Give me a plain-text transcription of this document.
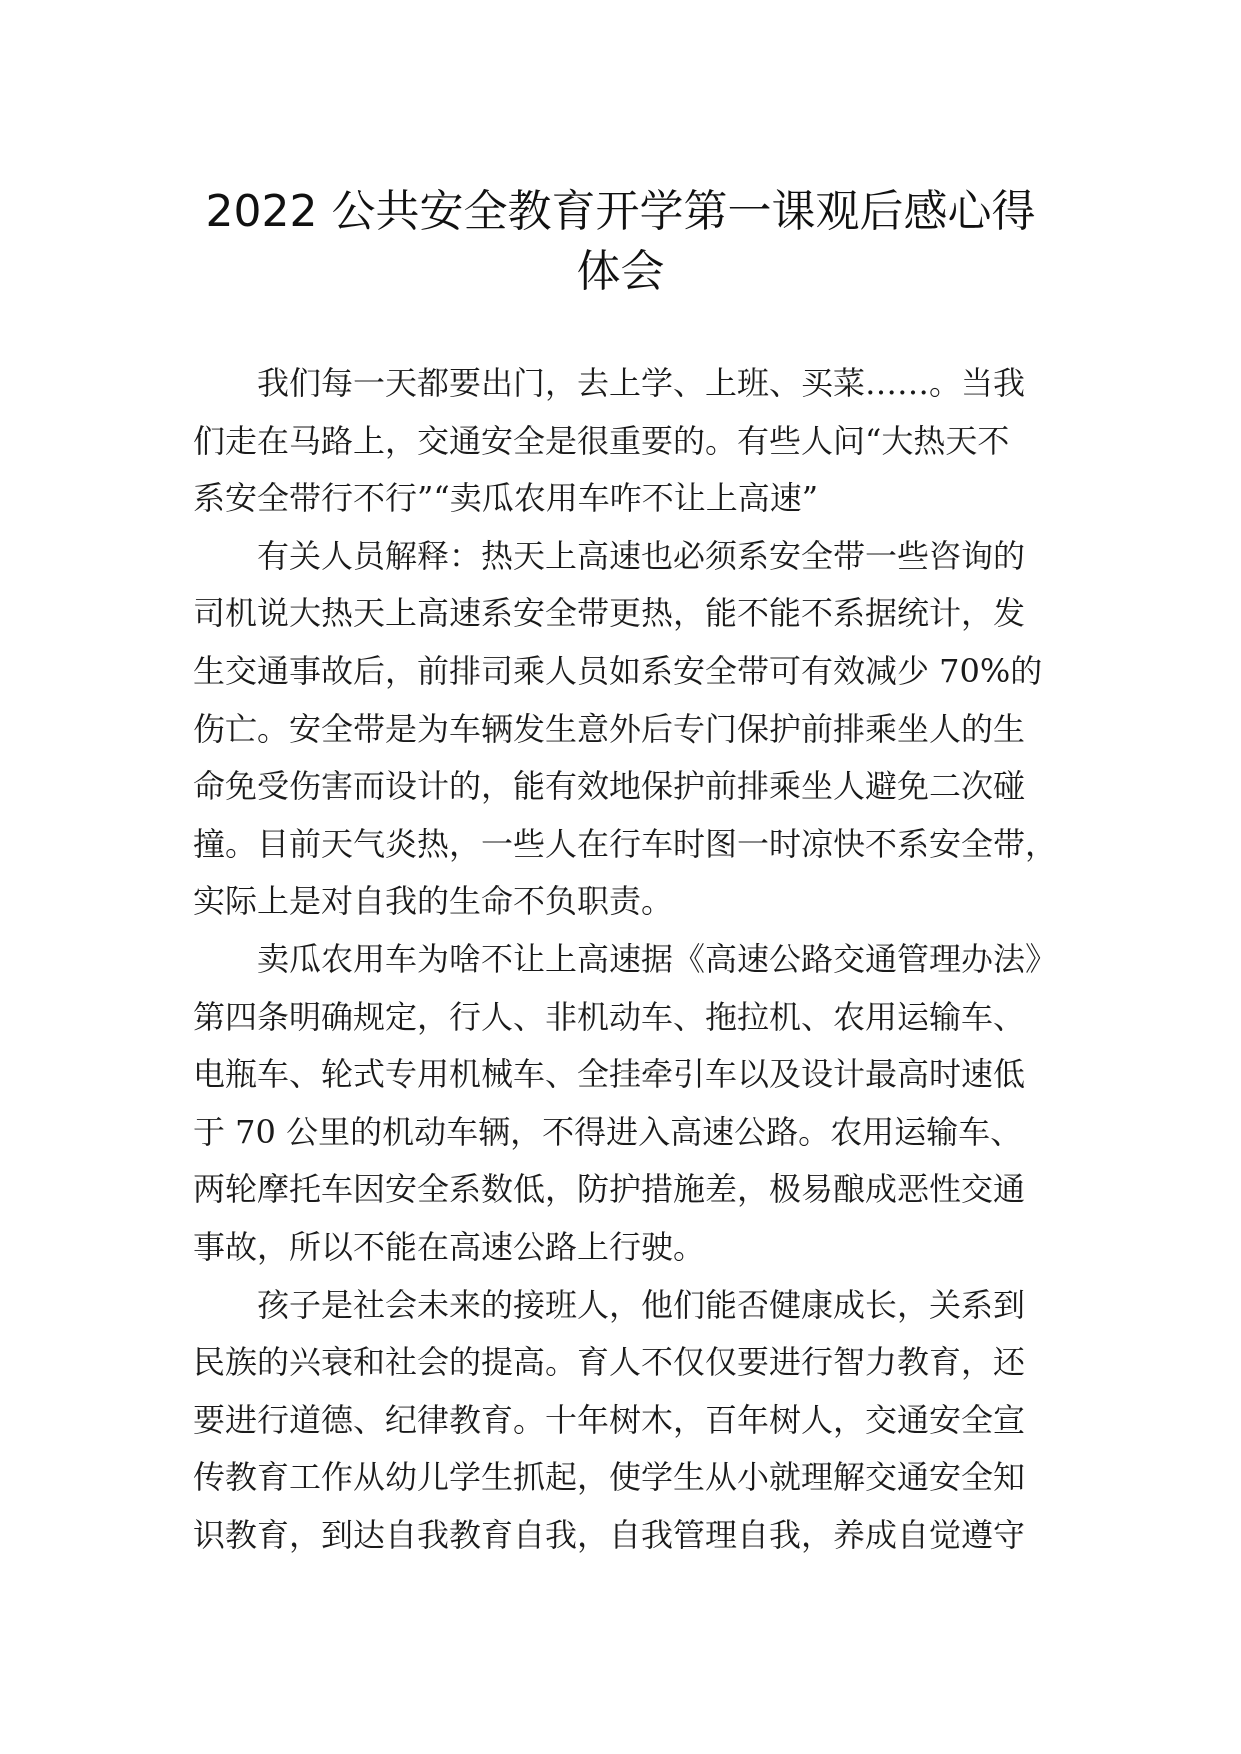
2022 公共安全教育开学第一课观后感心得
体会
我们每一天都要出门，去上学、上班、买菜……。当我
们走在马路上，交通安全是很重要的。有些人问“大热天不
系安全带行不行”“卖瓜农用车咋不让上高速”
有关人员解释：热天上高速也必须系安全带一些咨询的
司机说大热天上高速系安全带更热，能不能不系据统计，发
生交通事故后，前排司乘人员如系安全带可有效减少 70%的
伤亡。安全带是为车辆发生意外后专门保护前排乘坐人的生
命免受伤害而设计的，能有效地保护前排乘坐人避免二次碰
撞。目前天气炎热，一些人在行车时图一时凉快不系安全带，
实际上是对自我的生命不负职责。
卖瓜农用车为啥不让上高速据《高速公路交通管理办法》
第四条明确规定，行人、非机动车、拖拉机、农用运输车、
电瓶车、轮式专用机械车、全挂牵引车以及设计最高时速低
于 70 公里的机动车辆，不得进入高速公路。农用运输车、
两轮摩托车因安全系数低，防护措施差，极易酿成恶性交通
事故，所以不能在高速公路上行驶。
孩子是社会未来的接班人，他们能否健康成长，关系到
民族的兴衰和社会的提高。育人不仅仅要进行智力教育，还
要进行道德、纪律教育。十年树木，百年树人，交通安全宣
传教育工作从幼儿学生抓起，使学生从小就理解交通安全知
识教育，到达自我教育自我，自我管理自我，养成自觉遵守
